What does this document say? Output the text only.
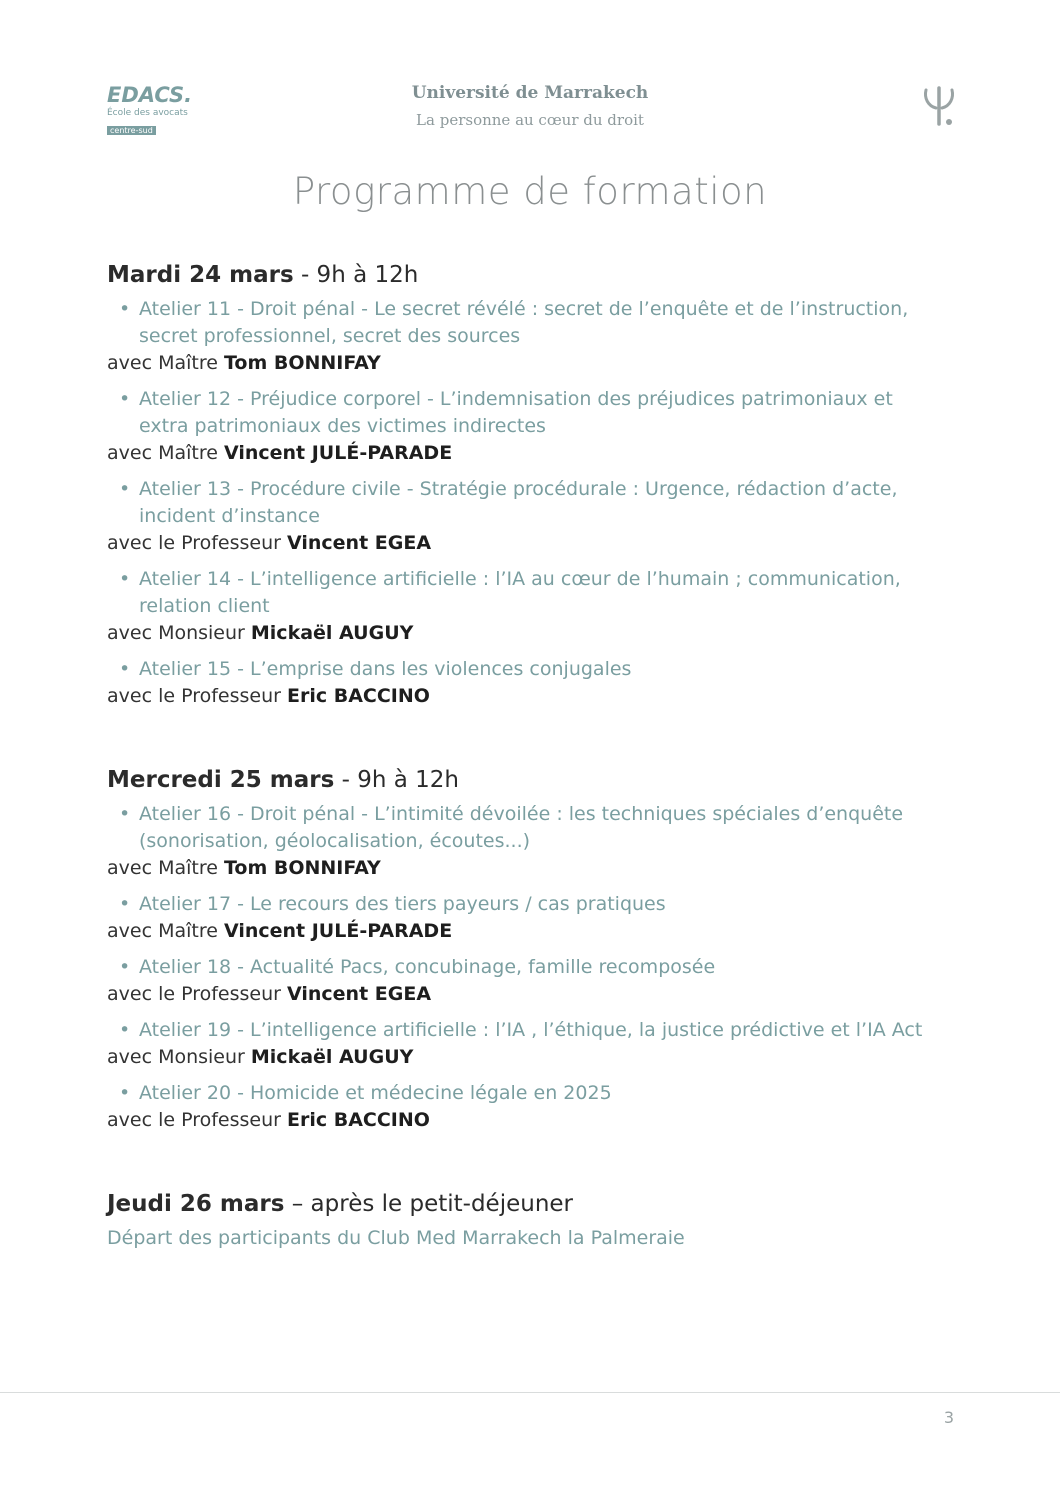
EDACS.
École des avocats
centre-sud
Université de Marrakech
La personne au cœur du droit
Programme de formation
Mardi 24 mars - 9h à 12h
• Atelier 11 - Droit pénal - Le secret révélé : secret de l’enquête et de l’instruction, secret professionnel, secret des sources
avec Maître Tom BONNIFAY
• Atelier 12 - Préjudice corporel - L’indemnisation des préjudices patrimoniaux et extra patrimoniaux des victimes indirectes
avec Maître Vincent JULÉ-PARADE
• Atelier 13 - Procédure civile - Stratégie procédurale : Urgence, rédaction d’acte, incident d’instance
avec le Professeur Vincent EGEA
• Atelier 14 - L’intelligence artificielle : l’IA au cœur de l’humain ; communication, relation client
avec Monsieur Mickaël AUGUY
• Atelier 15 - L’emprise dans les violences conjugales
avec le Professeur Eric BACCINO
Mercredi 25 mars - 9h à 12h
• Atelier 16 - Droit pénal - L’intimité dévoilée : les techniques spéciales d’enquête (sonorisation, géolocalisation, écoutes...)
avec Maître Tom BONNIFAY
• Atelier 17 - Le recours des tiers payeurs / cas pratiques
avec Maître Vincent JULÉ-PARADE
• Atelier 18 - Actualité Pacs, concubinage, famille recomposée
avec le Professeur Vincent EGEA
• Atelier 19 - L’intelligence artificielle : l’IA , l’éthique, la justice prédictive et l’IA Act
avec Monsieur Mickaël AUGUY
• Atelier 20 - Homicide et médecine légale en 2025
avec le Professeur Eric BACCINO
Jeudi 26 mars – après le petit-déjeuner
Départ des participants du Club Med Marrakech la Palmeraie
3
